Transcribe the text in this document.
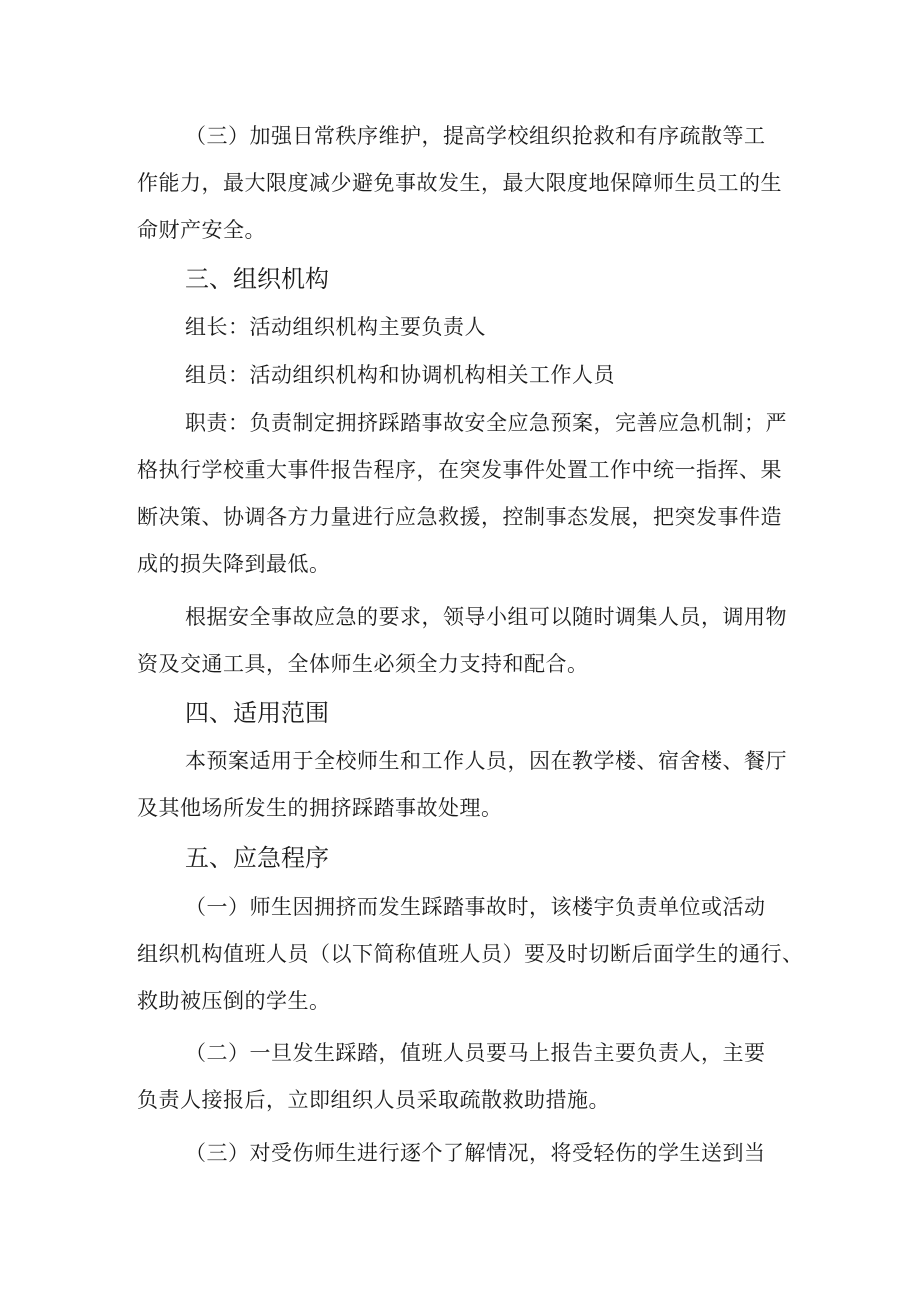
（三）加强日常秩序维护，提高学校组织抢救和有序疏散等工
作能力，最大限度减少避免事故发生，最大限度地保障师生员工的生
命财产安全。
三、组织机构
组长：活动组织机构主要负责人
组员：活动组织机构和协调机构相关工作人员
职责：负责制定拥挤踩踏事故安全应急预案，完善应急机制；严
格执行学校重大事件报告程序，在突发事件处置工作中统一指挥、果
断决策、协调各方力量进行应急救援，控制事态发展，把突发事件造
成的损失降到最低。
根据安全事故应急的要求，领导小组可以随时调集人员，调用物
资及交通工具，全体师生必须全力支持和配合。
四、适用范围
本预案适用于全校师生和工作人员，因在教学楼、宿舍楼、餐厅
及其他场所发生的拥挤踩踏事故处理。
五、应急程序
（一）师生因拥挤而发生踩踏事故时，该楼宇负责单位或活动
组织机构值班人员（以下简称值班人员）要及时切断后面学生的通行、
救助被压倒的学生。
（二）一旦发生踩踏，值班人员要马上报告主要负责人，主要
负责人接报后，立即组织人员采取疏散救助措施。
（三）对受伤师生进行逐个了解情况，将受轻伤的学生送到当
